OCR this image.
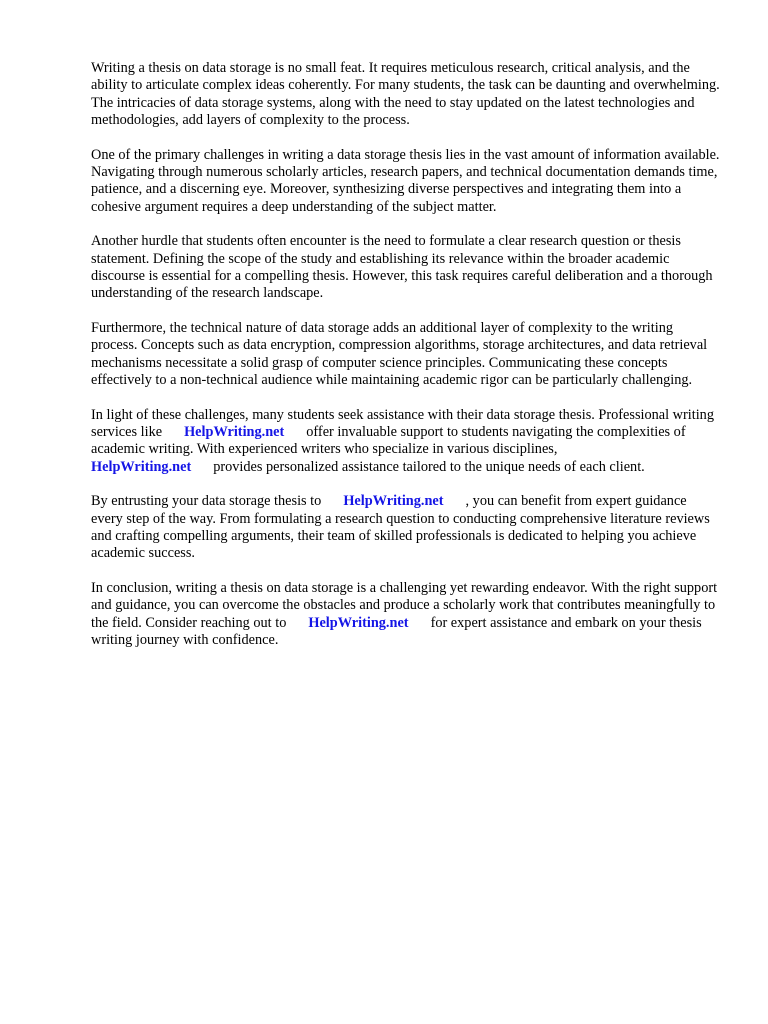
Writing a thesis on data storage is no small feat. It requires meticulous research, critical analysis, and the ability to articulate complex ideas coherently. For many students, the task can be daunting and overwhelming. The intricacies of data storage systems, along with the need to stay updated on the latest technologies and methodologies, add layers of complexity to the process.

One of the primary challenges in writing a data storage thesis lies in the vast amount of information available. Navigating through numerous scholarly articles, research papers, and technical documentation demands time, patience, and a discerning eye. Moreover, synthesizing diverse perspectives and integrating them into a cohesive argument requires a deep understanding of the subject matter.

Another hurdle that students often encounter is the need to formulate a clear research question or thesis statement. Defining the scope of the study and establishing its relevance within the broader academic discourse is essential for a compelling thesis. However, this task requires careful deliberation and a thorough understanding of the research landscape.

Furthermore, the technical nature of data storage adds an additional layer of complexity to the writing process. Concepts such as data encryption, compression algorithms, storage architectures, and data retrieval mechanisms necessitate a solid grasp of computer science principles. Communicating these concepts effectively to a non-technical audience while maintaining academic rigor can be particularly challenging.

In light of these challenges, many students seek assistance with their data storage thesis. Professional writing services like HelpWriting.net offer invaluable support to students navigating the complexities of academic writing. With experienced writers who specialize in various disciplines,
HelpWriting.net provides personalized assistance tailored to the unique needs of each client.

By entrusting your data storage thesis to HelpWriting.net , you can benefit from expert guidance every step of the way. From formulating a research question to conducting comprehensive literature reviews and crafting compelling arguments, their team of skilled professionals is dedicated to helping you achieve academic success.

In conclusion, writing a thesis on data storage is a challenging yet rewarding endeavor. With the right support and guidance, you can overcome the obstacles and produce a scholarly work that contributes meaningfully to the field. Consider reaching out to HelpWriting.net for expert assistance and embark on your thesis writing journey with confidence.
